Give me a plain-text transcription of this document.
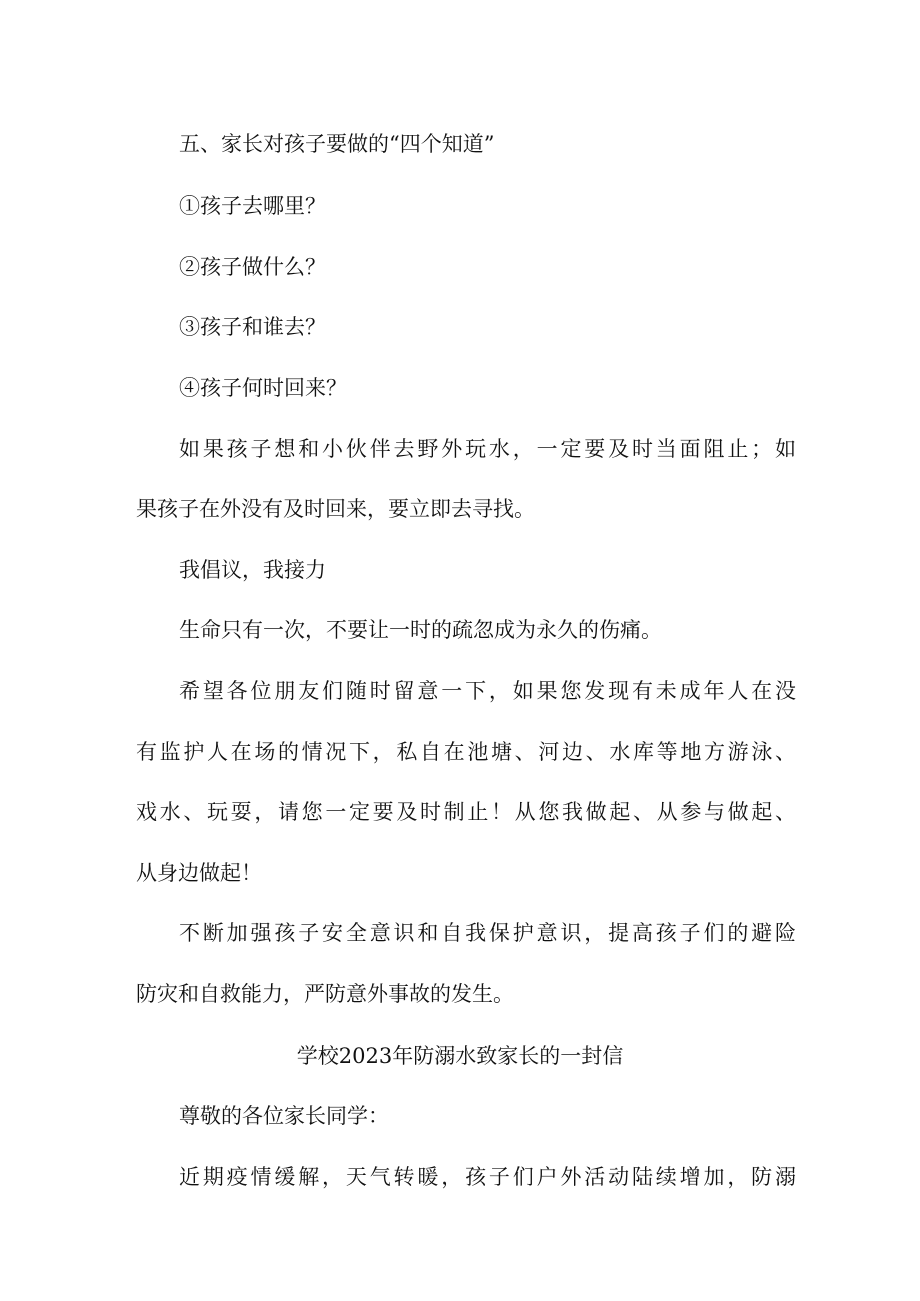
五、家长对孩子要做的“四个知道”

①孩子去哪里？

②孩子做什么？

③孩子和谁去？

④孩子何时回来？

如果孩子想和小伙伴去野外玩水，一定要及时当面阻止；如

果孩子在外没有及时回来，要立即去寻找。

我倡议，我接力

生命只有一次，不要让一时的疏忽成为永久的伤痛。

希望各位朋友们随时留意一下，如果您发现有未成年人在没

有监护人在场的情况下，私自在池塘、河边、水库等地方游泳、

戏水、玩耍，请您一定要及时制止！从您我做起、从参与做起、

从身边做起！

不断加强孩子安全意识和自我保护意识，提高孩子们的避险

防灾和自救能力，严防意外事故的发生。

学校2023年防溺水致家长的一封信

尊敬的各位家长同学：

近期疫情缓解，天气转暖，孩子们户外活动陆续增加，防溺
